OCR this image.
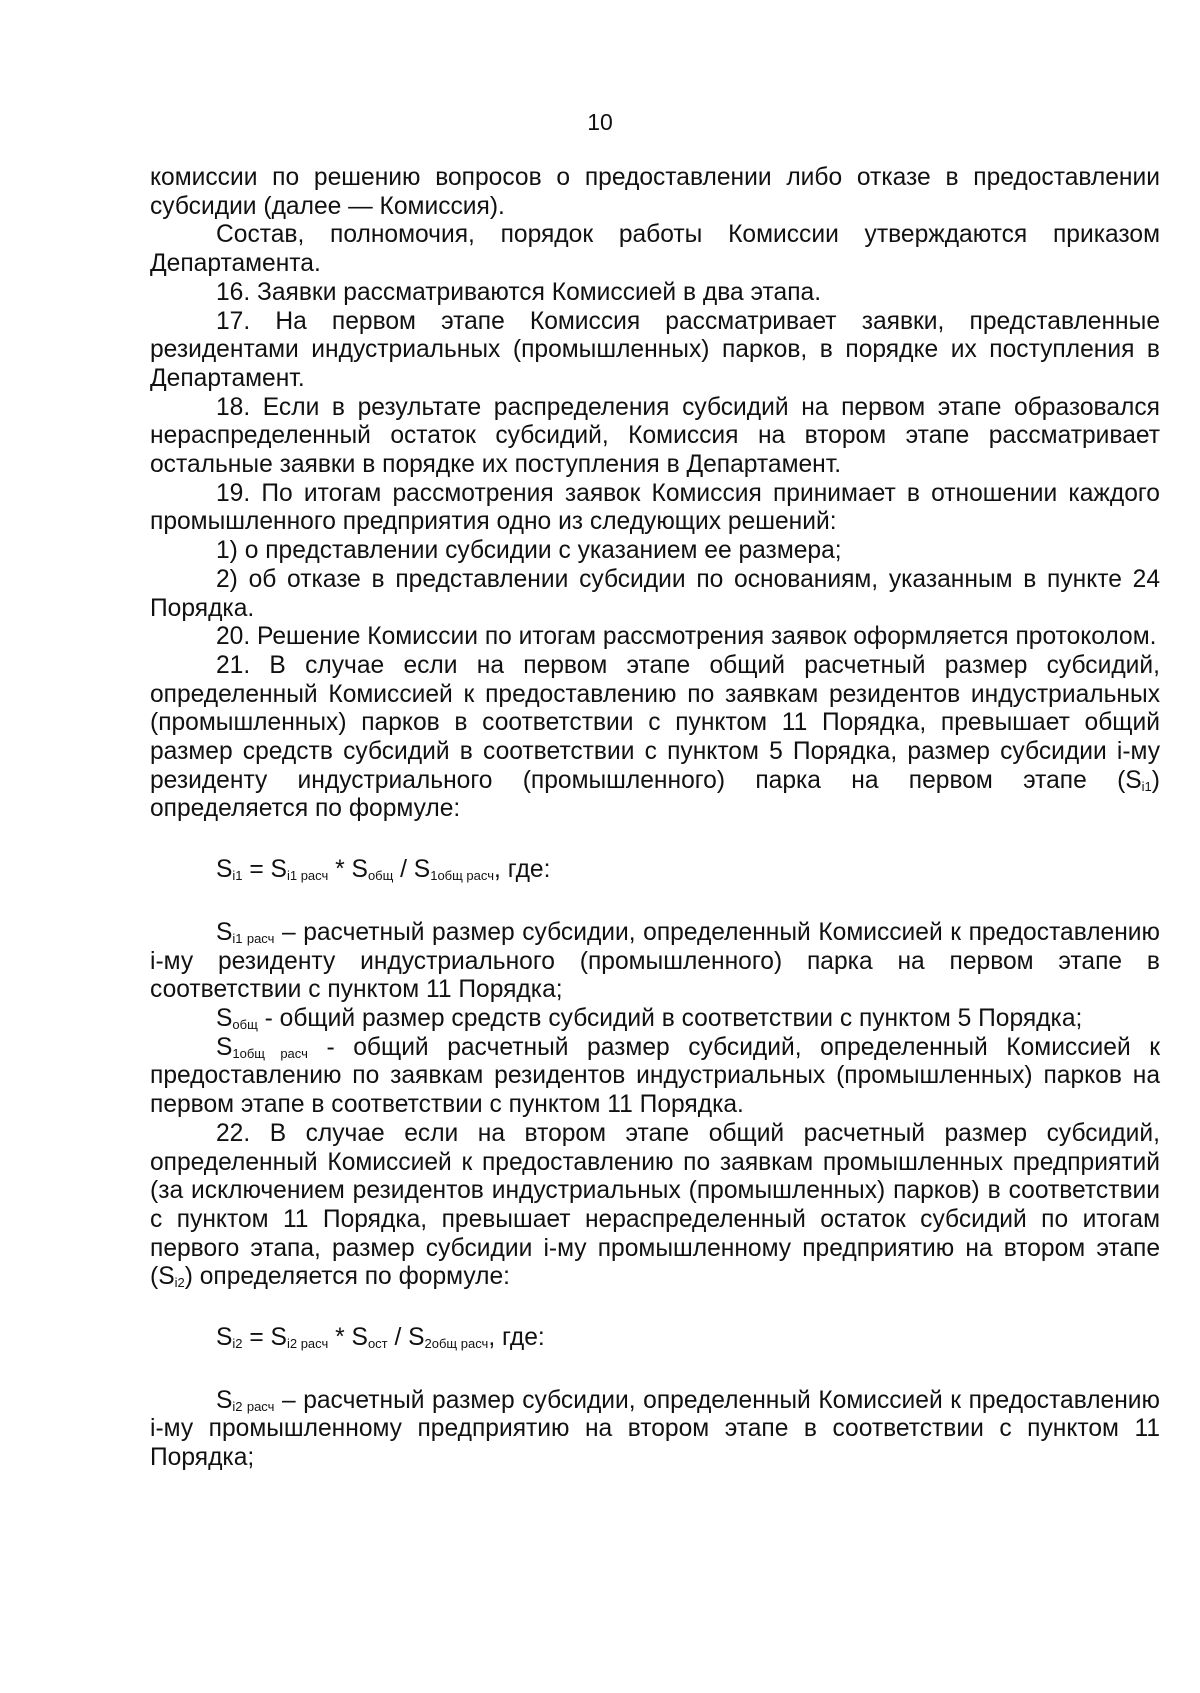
10

комиссии по решению вопросов о предоставлении либо отказе в предоставлении субсидии (далее — Комиссия).

Состав, полномочия, порядок работы Комиссии утверждаются приказом Департамента.

16. Заявки рассматриваются Комиссией в два этапа.

17. На первом этапе Комиссия рассматривает заявки, представленные резидентами индустриальных (промышленных) парков, в порядке их поступления в Департамент.

18. Если в результате распределения субсидий на первом этапе образовался нераспределенный остаток субсидий, Комиссия на втором этапе рассматривает остальные заявки в порядке их поступления в Департамент.

19. По итогам рассмотрения заявок Комиссия принимает в отношении каждого промышленного предприятия одно из следующих решений:

1) о представлении субсидии с указанием ее размера;

2) об отказе в представлении субсидии по основаниям, указанным в пункте 24 Порядка.

20. Решение Комиссии по итогам рассмотрения заявок оформляется протоколом.

21. В случае если на первом этапе общий расчетный размер субсидий, определенный Комиссией к предоставлению по заявкам резидентов индустриальных (промышленных) парков в соответствии с пунктом 11 Порядка, превышает общий размер средств субсидий в соответствии с пунктом 5 Порядка, размер субсидии i-му резиденту индустриального (промышленного) парка на первом этапе $(S_{i1})$ определяется по формуле:

$S_{i1} = S_{i1 расч} * S_{общ} / S_{1общ расч}$, где:

$S_{i1 расч}$ – расчетный размер субсидии, определенный Комиссией к предоставлению i-му резиденту индустриального (промышленного) парка на первом этапе в соответствии с пунктом 11 Порядка;

$S_{общ}$ - общий размер средств субсидий в соответствии с пунктом 5 Порядка;

$S_{1общ расч}$ - общий расчетный размер субсидий, определенный Комиссией к предоставлению по заявкам резидентов индустриальных (промышленных) парков на первом этапе в соответствии с пунктом 11 Порядка.

22. В случае если на втором этапе общий расчетный размер субсидий, определенный Комиссией к предоставлению по заявкам промышленных предприятий (за исключением резидентов индустриальных (промышленных) парков) в соответствии с пунктом 11 Порядка, превышает нераспределенный остаток субсидий по итогам первого этапа, размер субсидии i-му промышленному предприятию на втором этапе $(S_{i2})$ определяется по формуле:

$S_{i2} = S_{i2 расч} * S_{ост} / S_{2общ расч}$, где:

$S_{i2 расч}$ – расчетный размер субсидии, определенный Комиссией к предоставлению i-му промышленному предприятию на втором этапе в соответствии с пунктом 11 Порядка;
